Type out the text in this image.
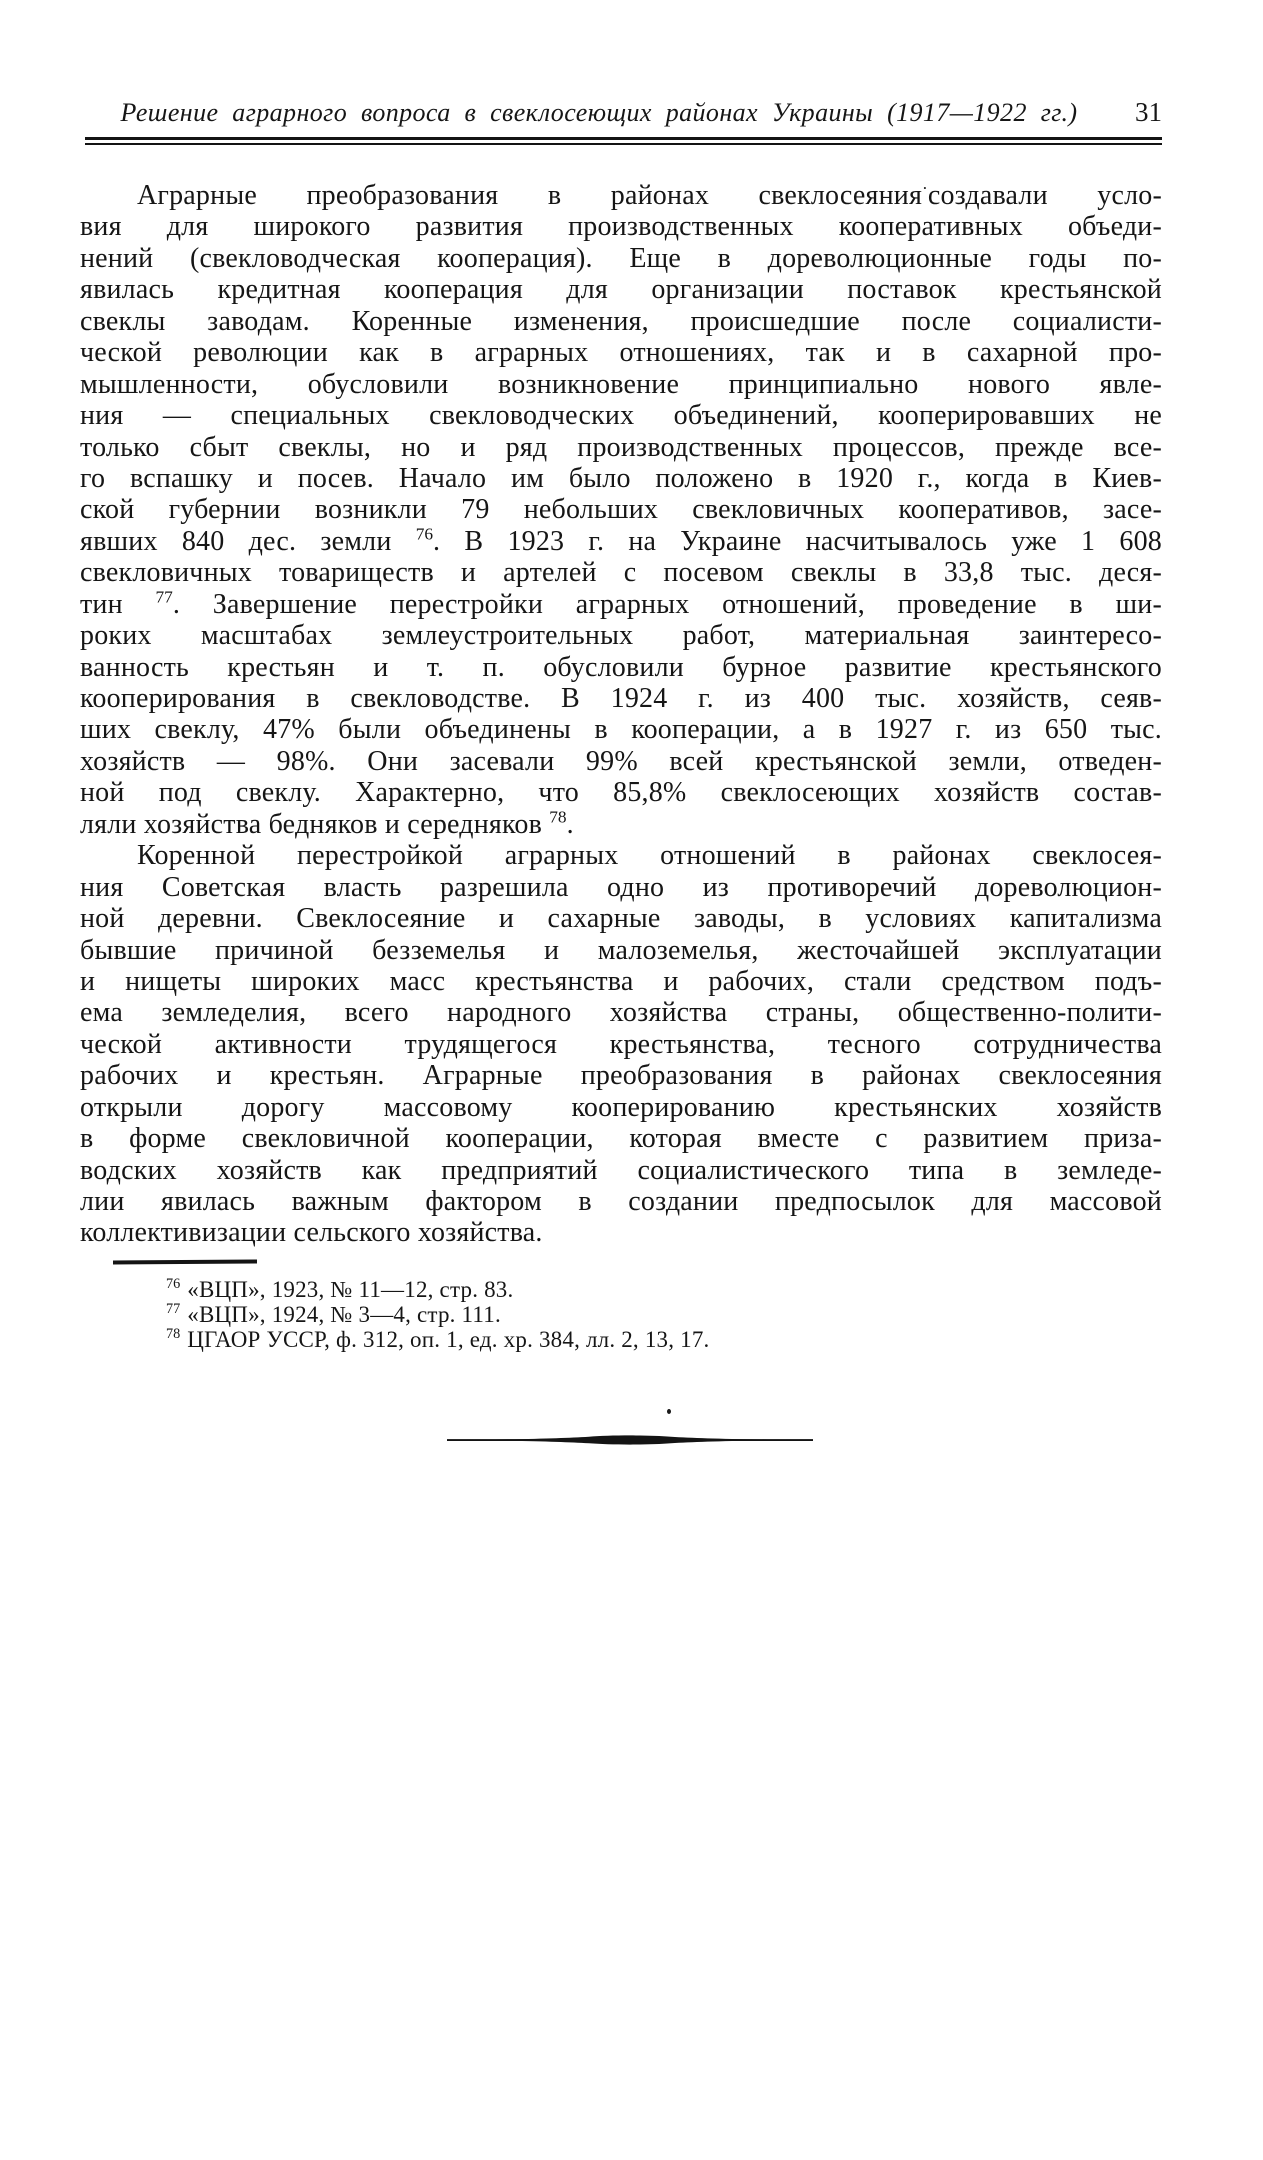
Решение аграрного вопроса в свеклосеющих районах Украины (1917—1922 гг.)	31
Аграрные преобразования в районах свеклосеяния·создавали усло-
вия для широкого развития производственных кооперативных объеди-
нений (свекловодческая кооперация). Еще в дореволюционные годы по-
явилась кредитная кооперация для организации поставок крестьянской
свеклы заводам. Коренные изменения, происшедшие после социалисти-
ческой революции как в аграрных отношениях, так и в сахарной про-
мышленности, обусловили возникновение принципиально нового явле-
ния — специальных свекловодческих объединений, кооперировавших не
только сбыт свеклы, но и ряд производственных процессов, прежде все-
го вспашку и посев. Начало им было положено в 1920 г., когда в Киев-
ской губернии возникли 79 небольших свекловичных кооперативов, засе-
явших 840 дес. земли $^{76}$. В 1923 г. на Украине насчитывалось уже 1 608
свекловичных товариществ и артелей с посевом свеклы в 33,8 тыс. деся-
тин $^{77}$. Завершение перестройки аграрных отношений, проведение в ши-
роких масштабах землеустроительных работ, материальная заинтересо-
ванность крестьян и т. п. обусловили бурное развитие крестьянского
кооперирования в свекловодстве. В 1924 г. из 400 тыс. хозяйств, сеяв-
ших свеклу, 47% были объединены в кооперации, а в 1927 г. из 650 тыс.
хозяйств — 98%. Они засевали 99% всей крестьянской земли, отведен-
ной под свеклу. Характерно, что 85,8% свеклосеющих хозяйств состав-
ляли хозяйства бедняков и середняков $^{78}$.
Коренной перестройкой аграрных отношений в районах свеклосея-
ния Советская власть разрешила одно из противоречий дореволюцион-
ной деревни. Свеклосеяние и сахарные заводы, в условиях капитализма
бывшие причиной безземелья и малоземелья, жесточайшей эксплуатации
и нищеты широких масс крестьянства и рабочих, стали средством подъ-
ема земледелия, всего народного хозяйства страны, общественно-полити-
ческой активности трудящегося крестьянства, тесного сотрудничества
рабочих и крестьян. Аграрные преобразования в районах свеклосеяния
открыли дорогу массовому кооперированию крестьянских хозяйств
в форме свекловичной кооперации, которая вместе с развитием приза-
водских хозяйств как предприятий социалистического типа в земледе-
лии явилась важным фактором в создании предпосылок для массовой
коллективизации сельского хозяйства.
$^{76}$ «ВЦП», 1923, № 11—12, стр. 83.
$^{77}$ «ВЦП», 1924, № 3—4, стр. 111.
$^{78}$ ЦГАОР УССР, ф. 312, оп. 1, ед. хр. 384, лл. 2, 13, 17.
